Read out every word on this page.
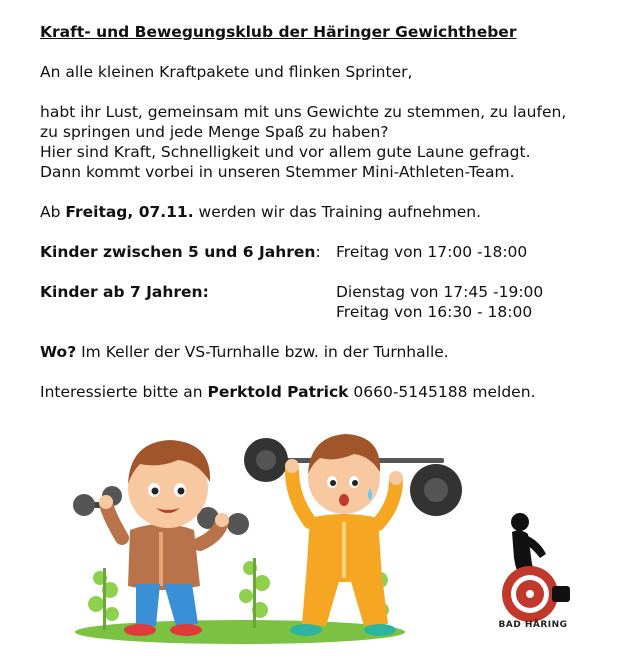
Kraft- und Bewegungsklub der Häringer Gewichtheber
An alle kleinen Kraftpakete und flinken Sprinter,
habt ihr Lust, gemeinsam mit uns Gewichte zu stemmen, zu laufen,
zu springen und jede Menge Spaß zu haben?
Hier sind Kraft, Schnelligkeit und vor allem gute Laune gefragt.
Dann kommt vorbei in unseren Stemmer Mini-Athleten-Team.
Ab Freitag, 07.11. werden wir das Training aufnehmen.
Kinder zwischen 5 und 6 Jahren: Freitag von 17:00 -18:00
Kinder ab 7 Jahren:	Dienstag von 17:45 -19:00
Freitag von 16:30 - 18:00
Wo? Im Keller der VS-Turnhalle bzw. in der Turnhalle.
Interessierte bitte an Perktold Patrick 0660-5145188 melden.
BAD HÄRING
